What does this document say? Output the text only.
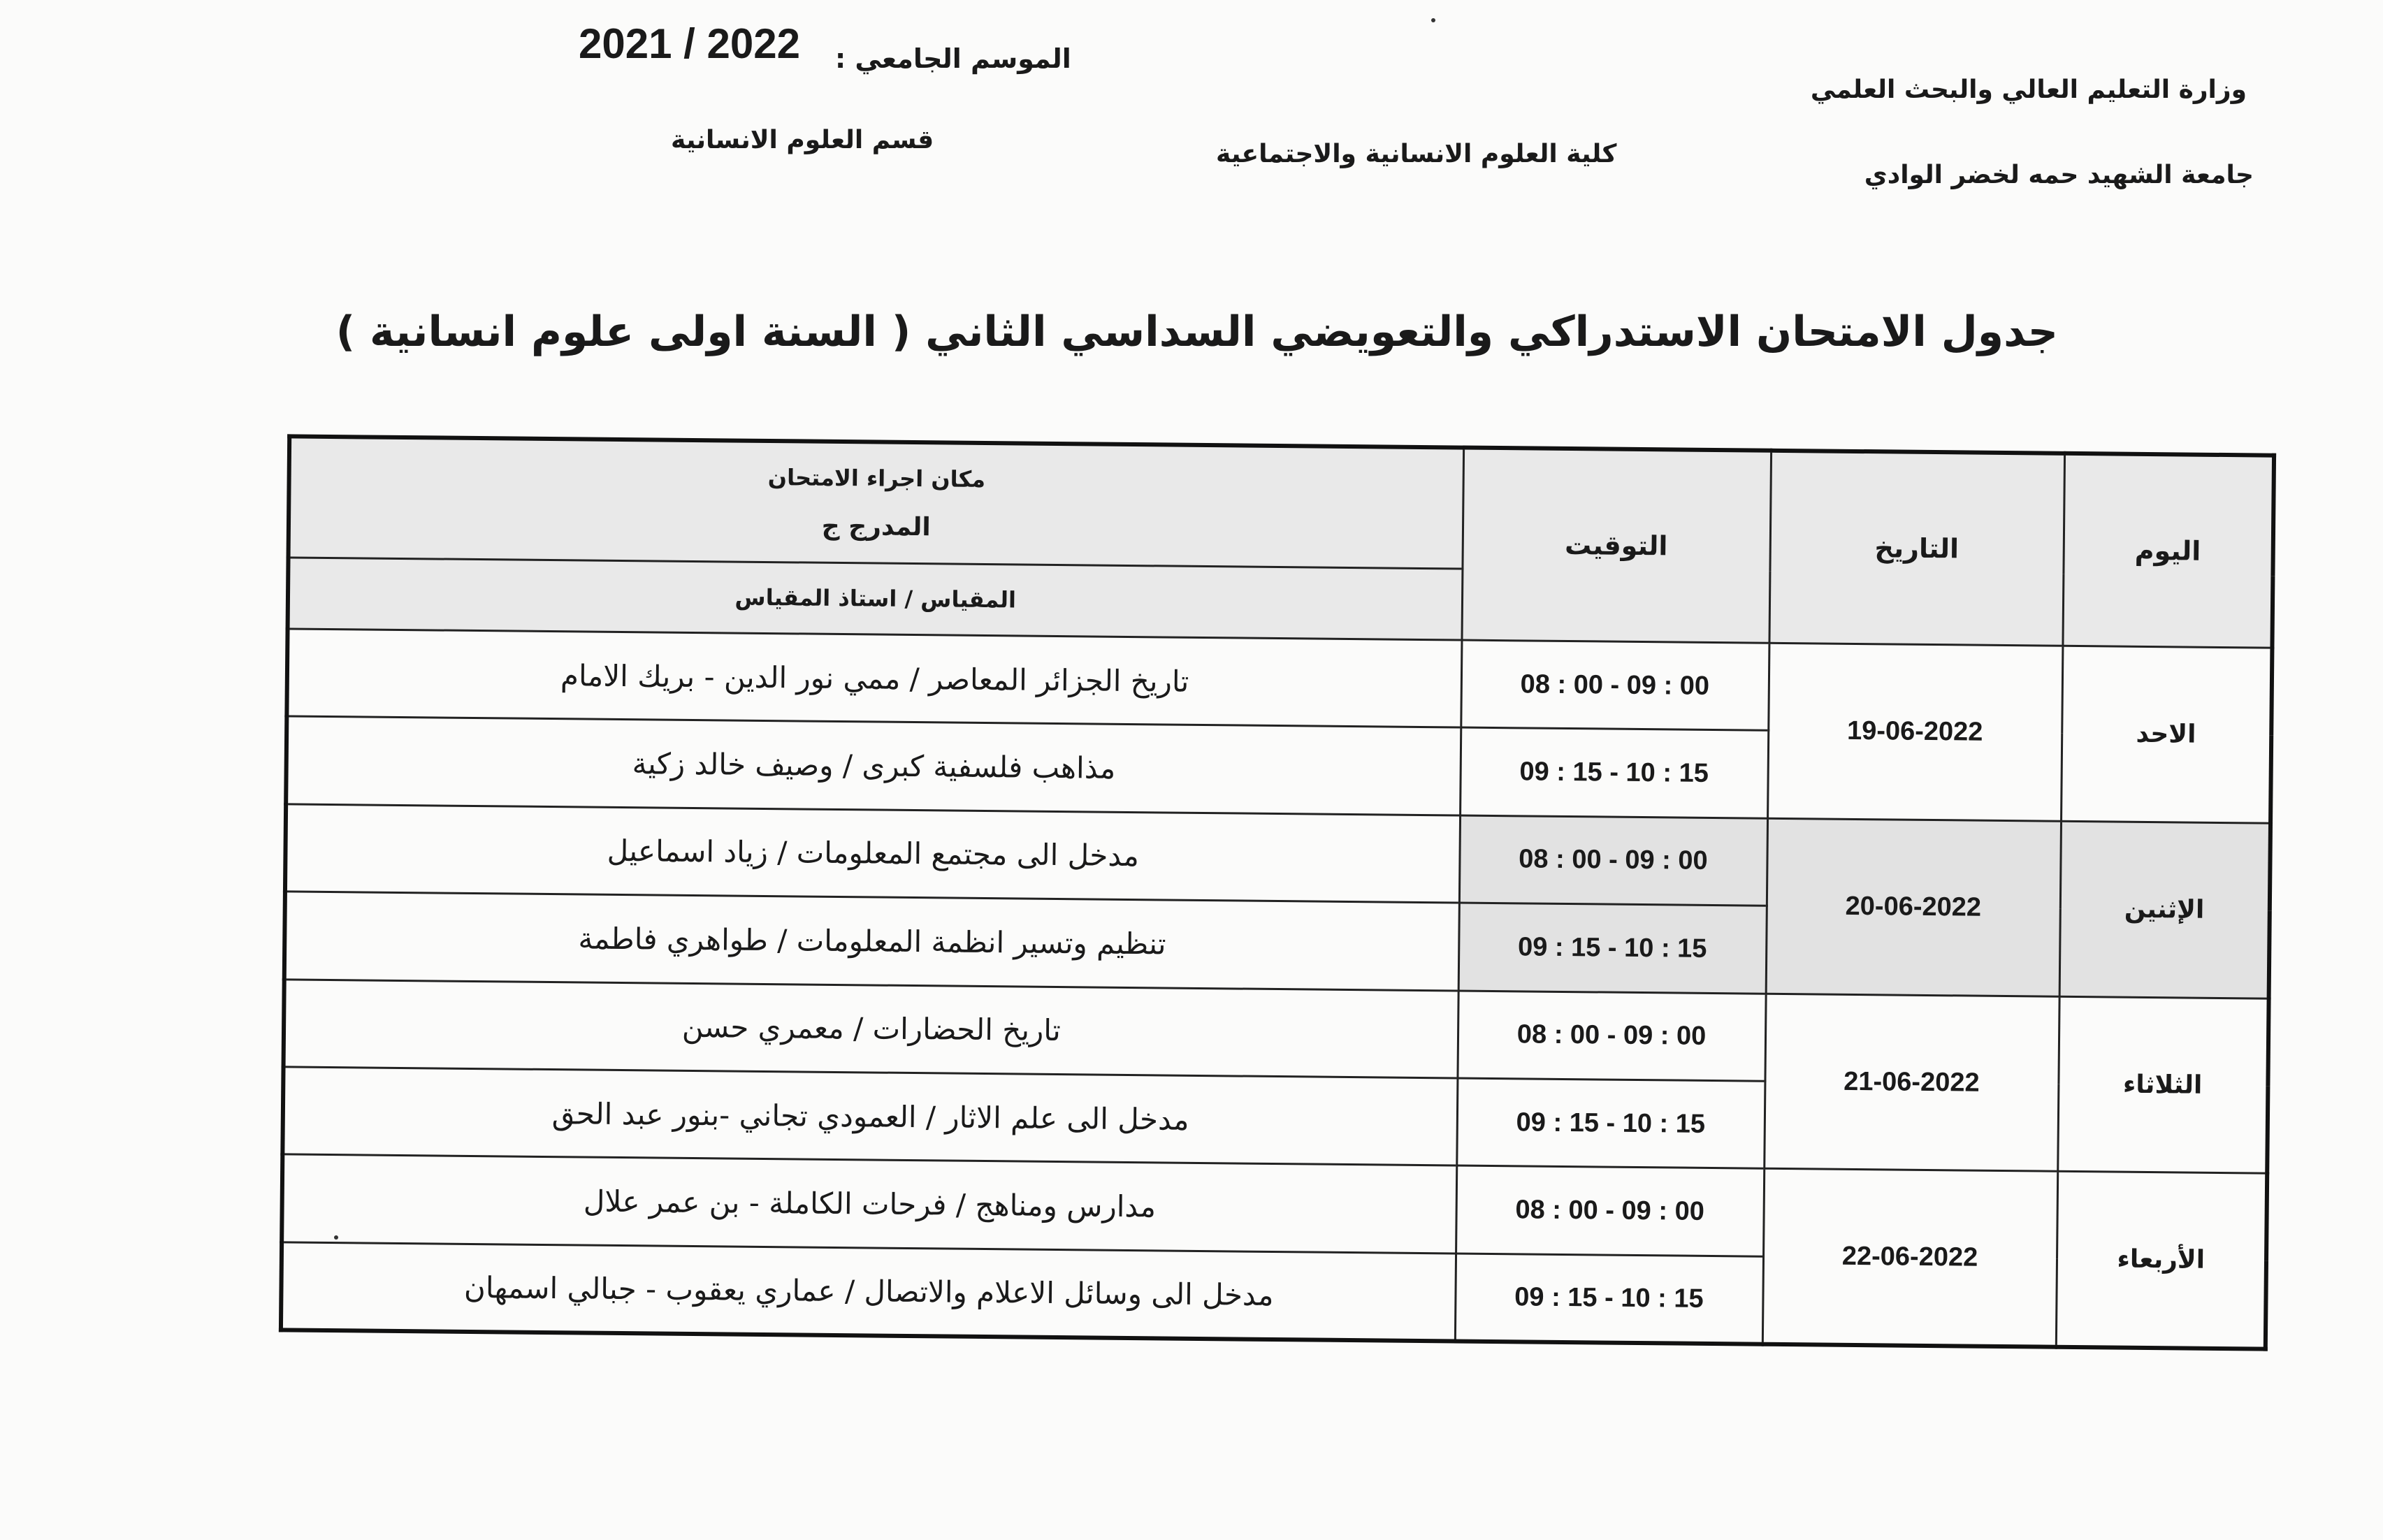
وزارة التعليم العالي والبحث العلمي
جامعة الشهيد حمه لخضر الوادي
كلية العلوم الانسانية والاجتماعية
الموسم الجامعي :
2021 / 2022
قسم العلوم الانسانية
جدول الامتحان الاستدراكي والتعويضي السداسي الثاني ( السنة اولى علوم انسانية )
اليوم	التاريخ	التوقيت	مكان اجراء الامتحان
المدرج ج

			المقياس / استاذ المقياس
الاحد	19-06-2022	08 : 00 - 09 : 00	تاريخ الجزائر المعاصر / ممي نور الدين - بريك الامام
		09 : 15 - 10 : 15	مذاهب فلسفية كبرى / وصيف خالد زكية
الإثنين	20-06-2022	08 : 00 - 09 : 00	مدخل الى مجتمع المعلومات / زياد اسماعيل
		09 : 15 - 10 : 15	تنظيم وتسير انظمة المعلومات / طواهري فاطمة
الثلاثاء	21-06-2022	08 : 00 - 09 : 00	تاريخ الحضارات / معمري حسن
		09 : 15 - 10 : 15	مدخل الى علم الاثار / العمودي تجاني -بنور عبد الحق
الأربعاء	22-06-2022	08 : 00 - 09 : 00	مدارس ومناهج / فرحات الكاملة - بن عمر علال
		09 : 15 - 10 : 15	مدخل الى وسائل الاعلام والاتصال / عماري يعقوب - جبالي اسمهان
